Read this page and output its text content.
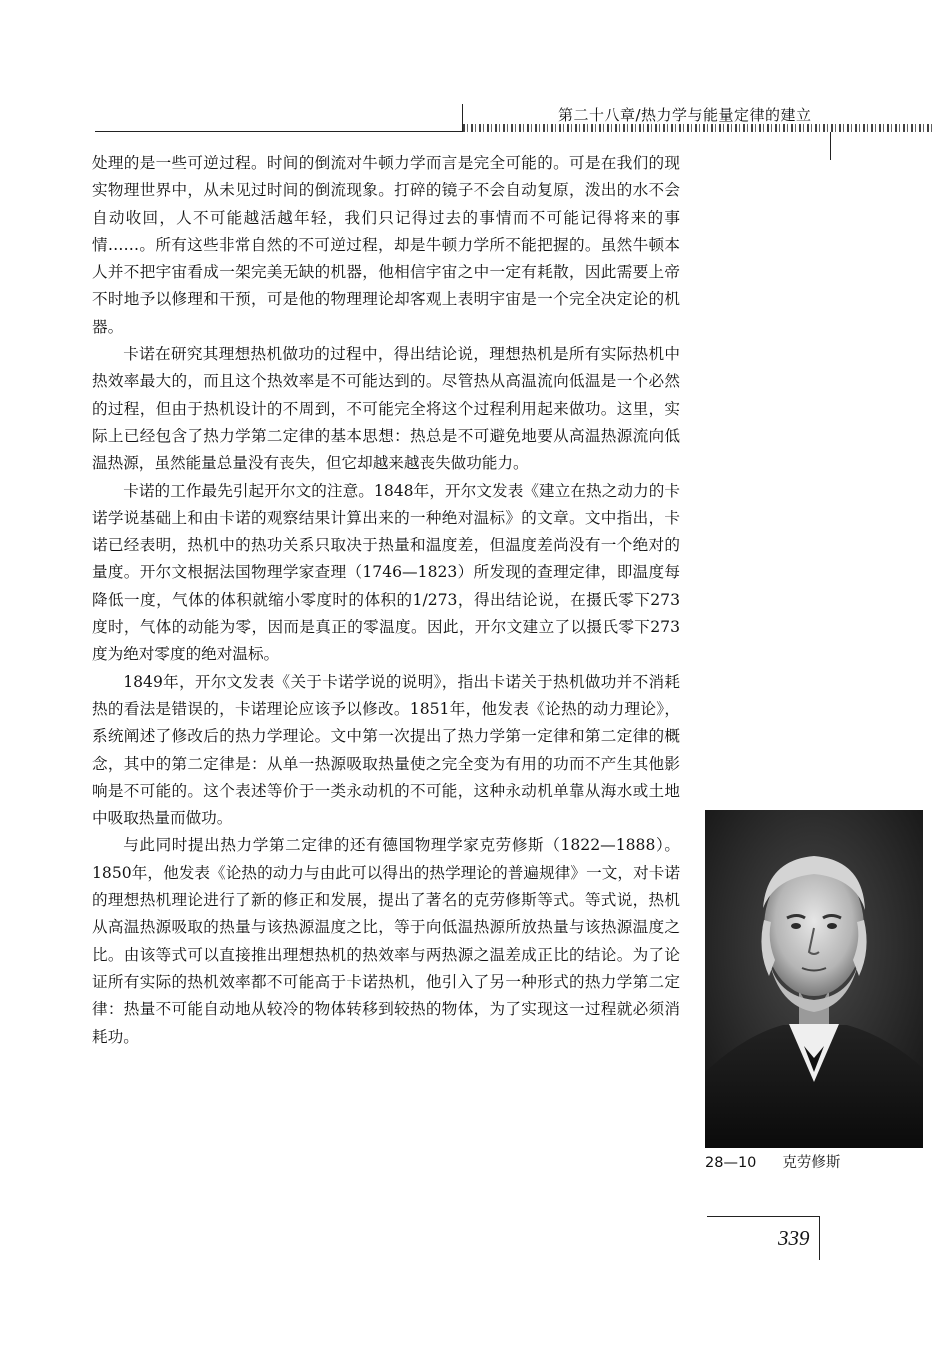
第二十八章/热力学与能量定律的建立

处理的是一些可逆过程。时间的倒流对牛顿力学而言是完全可能的。可是在我们的现实物理世界中，从未见过时间的倒流现象。打碎的镜子不会自动复原，泼出的水不会自动收回，人不可能越活越年轻，我们只记得过去的事情而不可能记得将来的事情……。所有这些非常自然的不可逆过程，却是牛顿力学所不能把握的。虽然牛顿本人并不把宇宙看成一架完美无缺的机器，他相信宇宙之中一定有耗散，因此需要上帝不时地予以修理和干预，可是他的物理理论却客观上表明宇宙是一个完全决定论的机器。

卡诺在研究其理想热机做功的过程中，得出结论说，理想热机是所有实际热机中热效率最大的，而且这个热效率是不可能达到的。尽管热从高温流向低温是一个必然的过程，但由于热机设计的不周到，不可能完全将这个过程利用起来做功。这里，实际上已经包含了热力学第二定律的基本思想：热总是不可避免地要从高温热源流向低温热源，虽然能量总量没有丧失，但它却越来越丧失做功能力。

卡诺的工作最先引起开尔文的注意。1848年，开尔文发表《建立在热之动力的卡诺学说基础上和由卡诺的观察结果计算出来的一种绝对温标》的文章。文中指出，卡诺已经表明，热机中的热功关系只取决于热量和温度差，但温度差尚没有一个绝对的量度。开尔文根据法国物理学家查理（1746—1823）所发现的查理定律，即温度每降低一度，气体的体积就缩小零度时的体积的1/273，得出结论说，在摄氏零下273度时，气体的动能为零，因而是真正的零温度。因此，开尔文建立了以摄氏零下273度为绝对零度的绝对温标。

1849年，开尔文发表《关于卡诺学说的说明》，指出卡诺关于热机做功并不消耗热的看法是错误的，卡诺理论应该予以修改。1851年，他发表《论热的动力理论》，系统阐述了修改后的热力学理论。文中第一次提出了热力学第一定律和第二定律的概念，其中的第二定律是：从单一热源吸取热量使之完全变为有用的功而不产生其他影响是不可能的。这个表述等价于一类永动机的不可能，这种永动机单靠从海水或土地中吸取热量而做功。

与此同时提出热力学第二定律的还有德国物理学家克劳修斯（1822—1888）。1850年，他发表《论热的动力与由此可以得出的热学理论的普遍规律》一文，对卡诺的理想热机理论进行了新的修正和发展，提出了著名的克劳修斯等式。等式说，热机从高温热源吸取的热量与该热源温度之比，等于向低温热源所放热量与该热源温度之比。由该等式可以直接推出理想热机的热效率与两热源之温差成正比的结论。为了论证所有实际的热机效率都不可能高于卡诺热机，他引入了另一种形式的热力学第二定律：热量不可能自动地从较冷的物体转移到较热的物体，为了实现这一过程就必须消耗功。

28—10 克劳修斯
339
